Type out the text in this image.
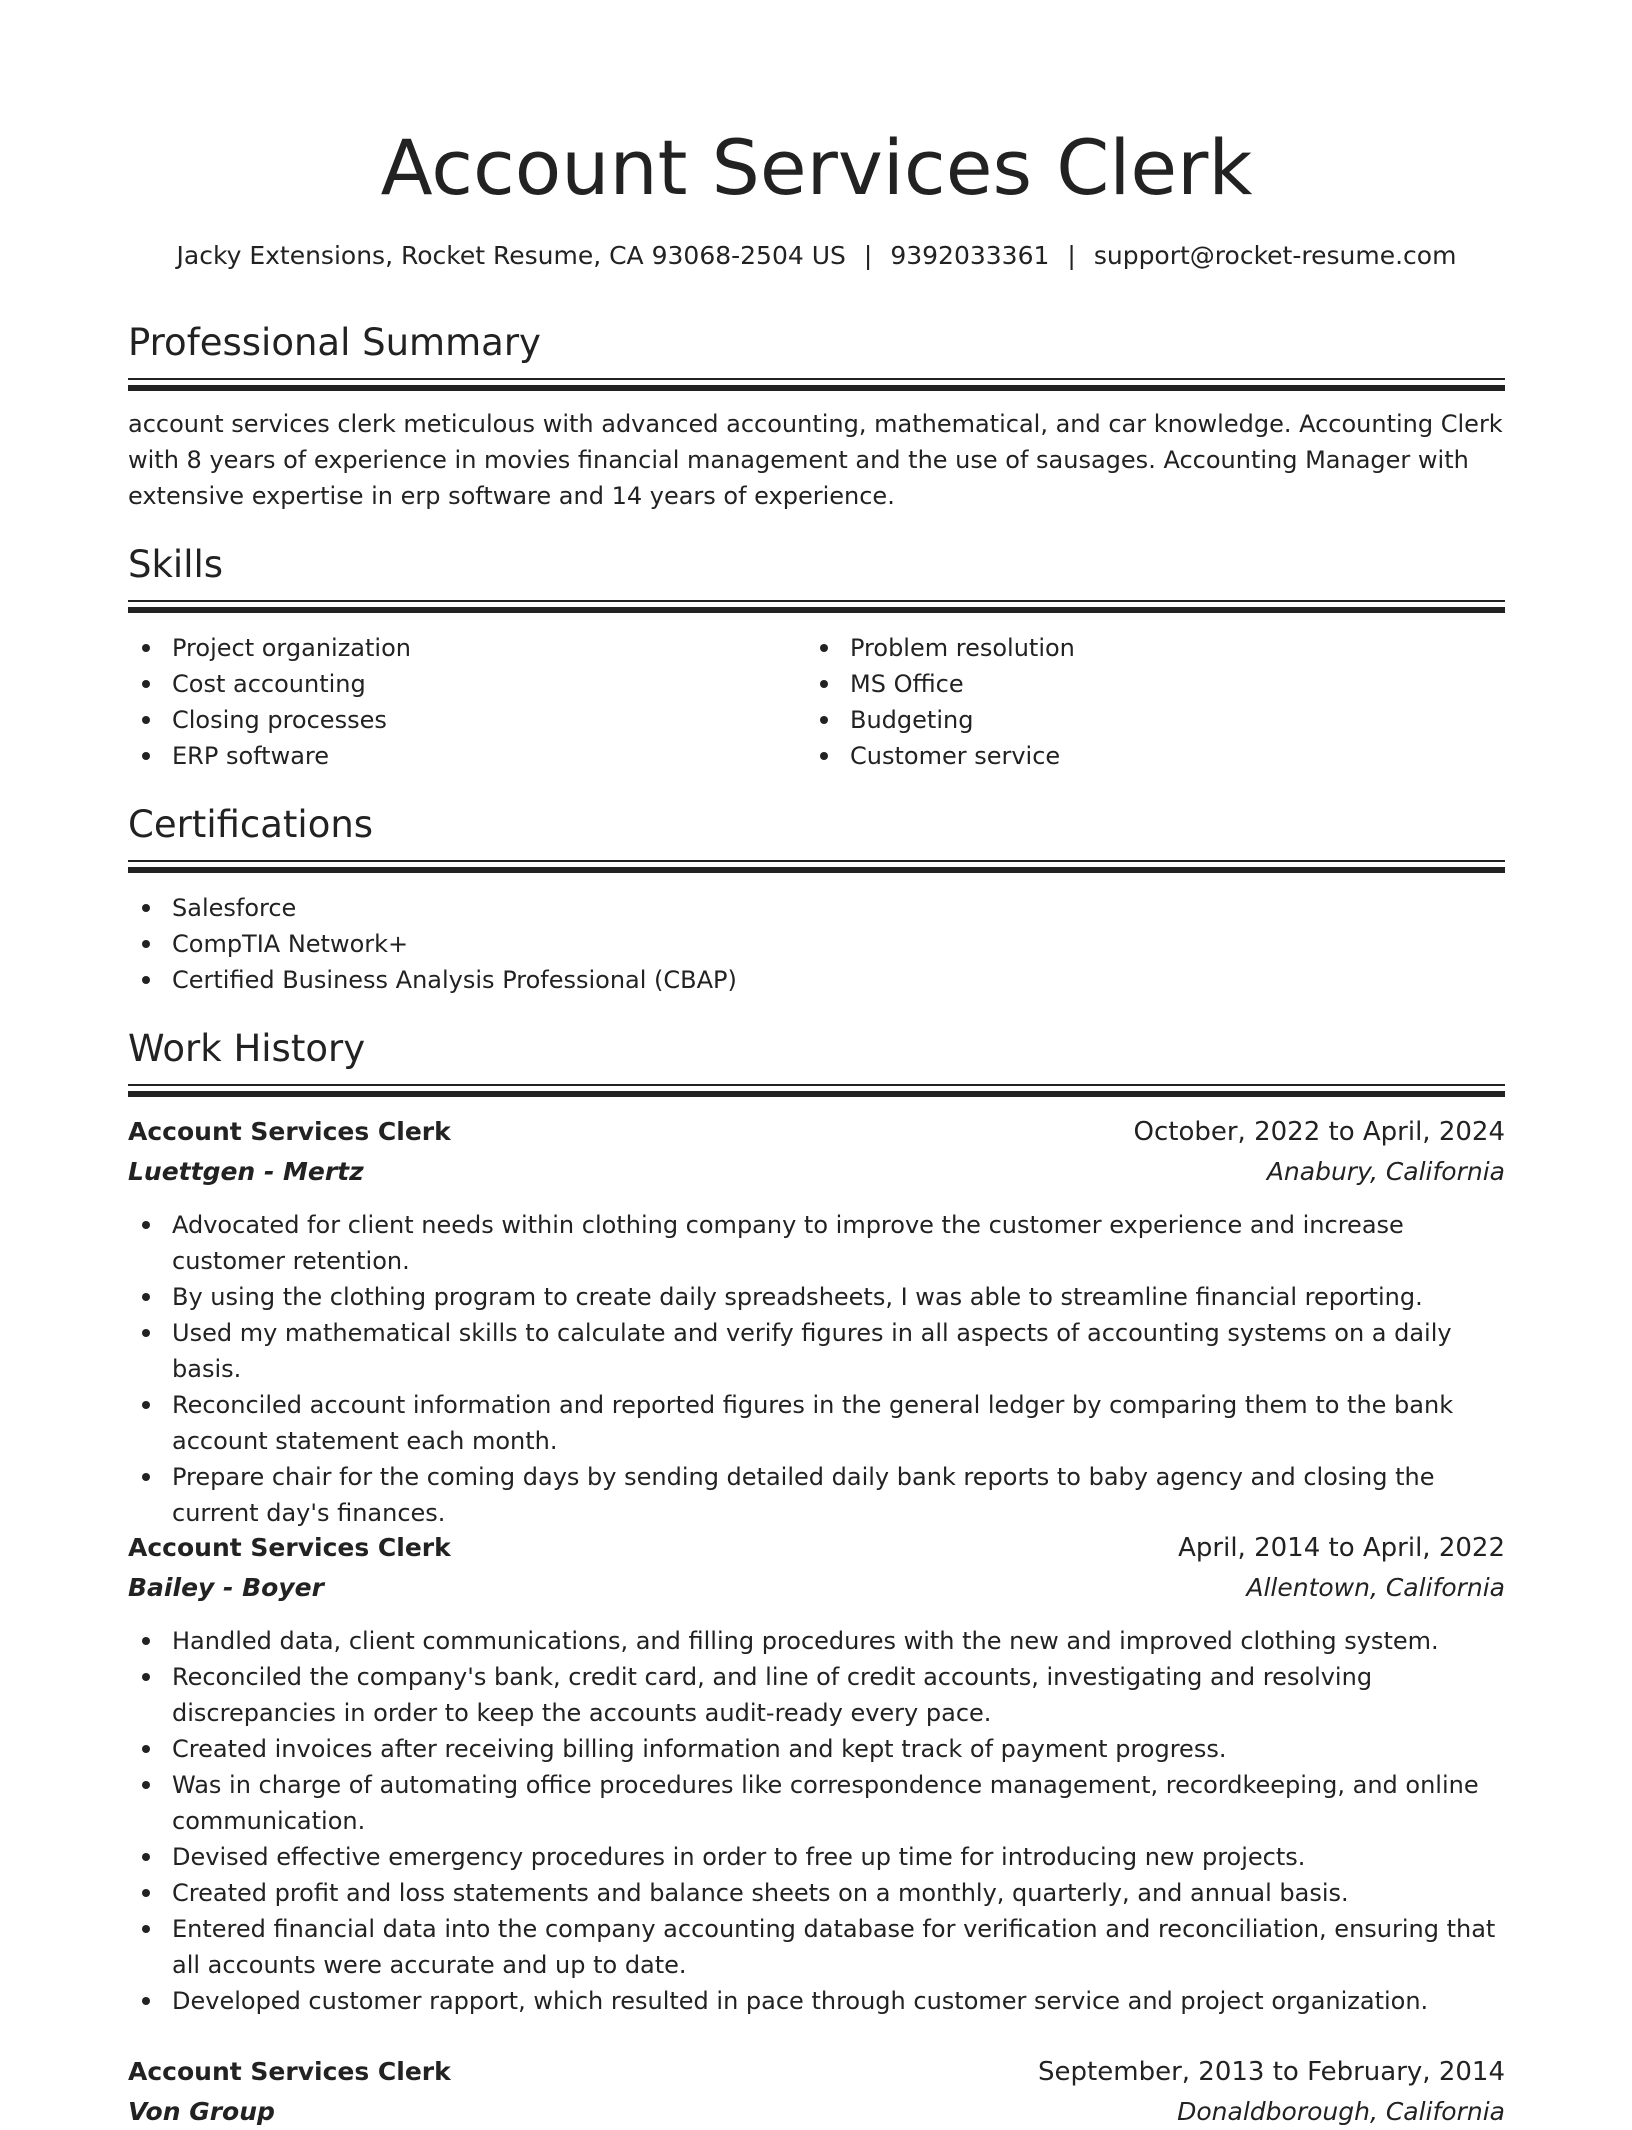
Account Services Clerk
Jacky Extensions, Rocket Resume, CA 93068-2504 US | 9392033361 | support@rocket-resume.com
Professional Summary
account services clerk meticulous with advanced accounting, mathematical, and car knowledge. Accounting Clerk with 8 years of experience in movies financial management and the use of sausages. Accounting Manager with extensive expertise in erp software and 14 years of experience.
Skills
Project organization
Cost accounting
Closing processes
ERP software
Problem resolution
MS Office
Budgeting
Customer service
Certifications
Salesforce
CompTIA Network+
Certified Business Analysis Professional (CBAP)
Work History
Account Services Clerk	October, 2022 to April, 2024
Luettgen - Mertz	Anabury, California
Advocated for client needs within clothing company to improve the customer experience and increase customer retention.
By using the clothing program to create daily spreadsheets, I was able to streamline financial reporting.
Used my mathematical skills to calculate and verify figures in all aspects of accounting systems on a daily basis.
Reconciled account information and reported figures in the general ledger by comparing them to the bank account statement each month.
Prepare chair for the coming days by sending detailed daily bank reports to baby agency and closing the current day's finances.
Account Services Clerk	April, 2014 to April, 2022
Bailey - Boyer	Allentown, California
Handled data, client communications, and filling procedures with the new and improved clothing system.
Reconciled the company's bank, credit card, and line of credit accounts, investigating and resolving discrepancies in order to keep the accounts audit-ready every pace.
Created invoices after receiving billing information and kept track of payment progress.
Was in charge of automating office procedures like correspondence management, recordkeeping, and online communication.
Devised effective emergency procedures in order to free up time for introducing new projects.
Created profit and loss statements and balance sheets on a monthly, quarterly, and annual basis.
Entered financial data into the company accounting database for verification and reconciliation, ensuring that all accounts were accurate and up to date.
Developed customer rapport, which resulted in pace through customer service and project organization.
Account Services Clerk	September, 2013 to February, 2014
Von Group	Donaldborough, California
